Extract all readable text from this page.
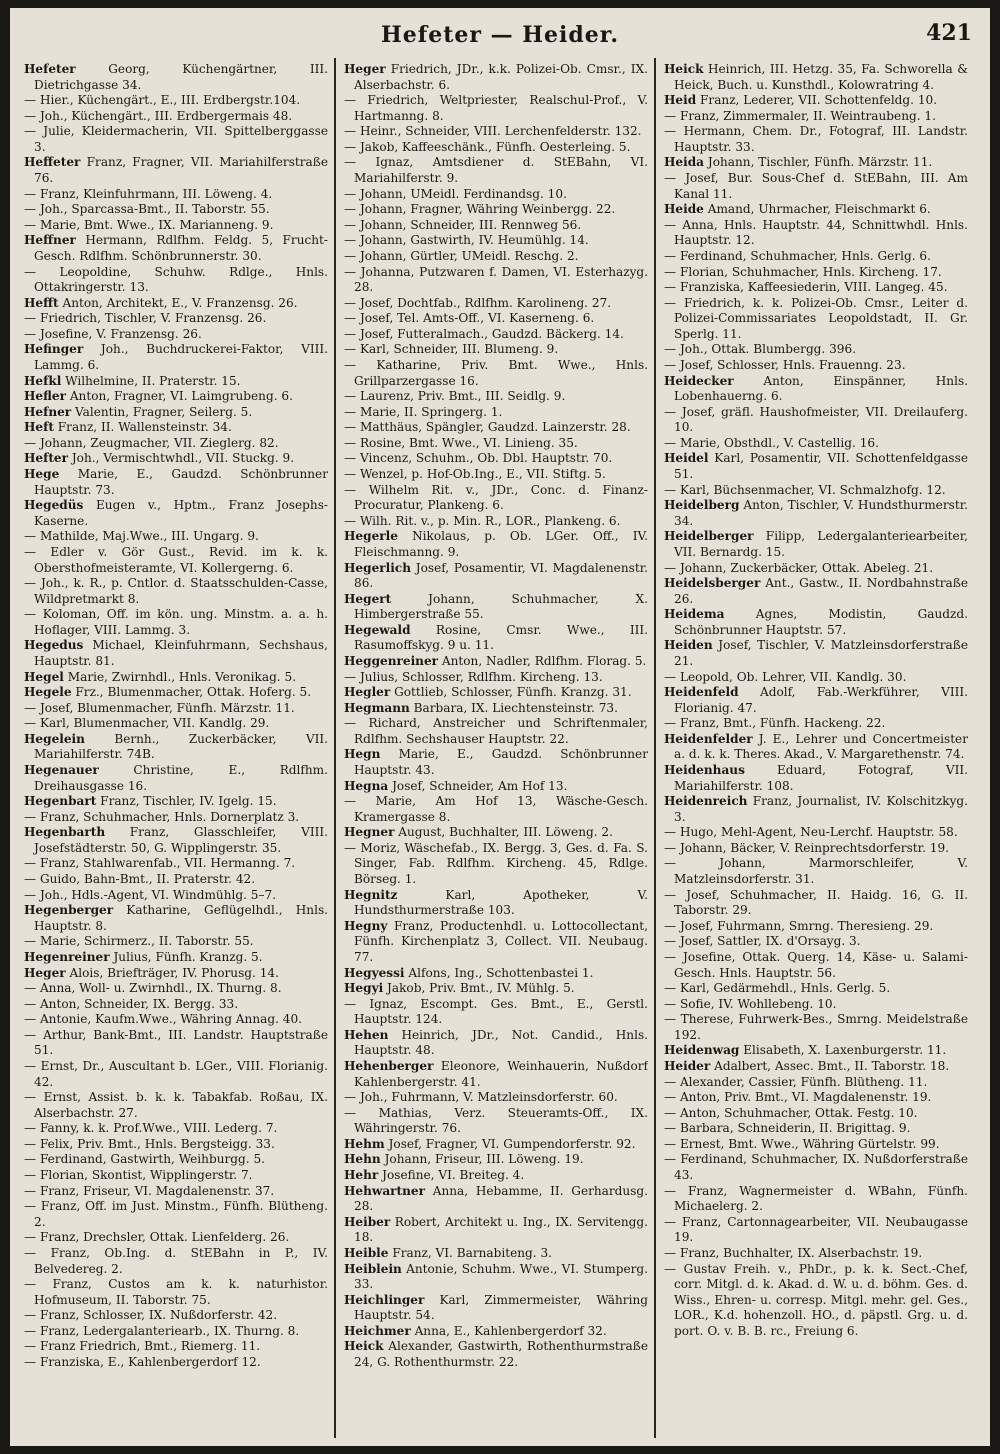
Hefeter — Heider.	421
Hefeter Georg, Küchengärtner, III. Dietrichgasse 34.
— Hier., Küchengärt., E., III. Erdbergstr.104.
— Joh., Küchengärt., III. Erdbergermais 48.
— Julie, Kleidermacherin, VII. Spittelberggasse 3.
Heffeter Franz, Fragner, VII. Mariahilferstraße 76.
— Franz, Kleinfuhrmann, III. Löweng. 4.
— Joh., Sparcassa-Bmt., II. Taborstr. 55.
— Marie, Bmt. Wwe., IX. Marianneng. 9.
Heffner Hermann, Rdlfhm. Feldg. 5, Frucht-Gesch. Rdlfhm. Schönbrunnerstr. 30.
— Leopoldine, Schuhw. Rdlge., Hnls. Ottakringerstr. 13.
Hefft Anton, Architekt, E., V. Franzensg. 26.
— Friedrich, Tischler, V. Franzensg. 26.
— Josefine, V. Franzensg. 26.
Hefinger Joh., Buchdruckerei-Faktor, VIII. Lammg. 6.
Hefkl Wilhelmine, II. Praterstr. 15.
Hefler Anton, Fragner, VI. Laimgrubeng. 6.
Hefner Valentin, Fragner, Seilerg. 5.
Heft Franz, II. Wallensteinstr. 34.
— Johann, Zeugmacher, VII. Zieglerg. 82.
Hefter Joh., Vermischtwhdl., VII. Stuckg. 9.
Hege Marie, E., Gaudzd. Schönbrunner Hauptstr. 73.
Hegedüs Eugen v., Hptm., Franz Josephs-Kaserne.
— Mathilde, Maj.Wwe., III. Ungarg. 9.
— Edler v. Gör Gust., Revid. im k. k. Obersthofmeisteramte, VI. Kollergerng. 6.
— Joh., k. R., p. Cntlor. d. Staatsschulden-Casse, Wildpretmarkt 8.
— Koloman, Off. im kön. ung. Minstm. a. a. h. Hoflager, VIII. Lammg. 3.
Hegedus Michael, Kleinfuhrmann, Sechshaus, Hauptstr. 81.
Hegel Marie, Zwirnhdl., Hnls. Veronikag. 5.
Hegele Frz., Blumenmacher, Ottak. Hoferg. 5.
— Josef, Blumenmacher, Fünfh. Märzstr. 11.
— Karl, Blumenmacher, VII. Kandlg. 29.
Hegelein Bernh., Zuckerbäcker, VII. Mariahilferstr. 74B.
Hegenauer Christine, E., Rdlfhm. Dreihausgasse 16.
Hegenbart Franz, Tischler, IV. Igelg. 15.
— Franz, Schuhmacher, Hnls. Dornerplatz 3.
Hegenbarth Franz, Glasschleifer, VIII. Josefstädterstr. 50, G. Wipplingerstr. 35.
— Franz, Stahlwarenfab., VII. Hermanng. 7.
— Guido, Bahn-Bmt., II. Praterstr. 42.
— Joh., Hdls.-Agent, VI. Windmühlg. 5–7.
Hegenberger Katharine, Geflügelhdl., Hnls. Hauptstr. 8.
— Marie, Schirmerz., II. Taborstr. 55.
Hegenreiner Julius, Fünfh. Kranzg. 5.
Heger Alois, Briefträger, IV. Phorusg. 14.
— Anna, Woll- u. Zwirnhdl., IX. Thurng. 8.
— Anton, Schneider, IX. Bergg. 33.
— Antonie, Kaufm.Wwe., Währing Annag. 40.
— Arthur, Bank-Bmt., III. Landstr. Hauptstraße 51.
— Ernst, Dr., Auscultant b. LGer., VIII. Florianig. 42.
— Ernst, Assist. b. k. k. Tabakfab. Roßau, IX. Alserbachstr. 27.
— Fanny, k. k. Prof.Wwe., VIII. Lederg. 7.
— Felix, Priv. Bmt., Hnls. Bergsteigg. 33.
— Ferdinand, Gastwirth, Weihburgg. 5.
— Florian, Skontist, Wipplingerstr. 7.
— Franz, Friseur, VI. Magdalenenstr. 37.
— Franz, Off. im Just. Minstm., Fünfh. Blütheng. 2.
— Franz, Drechsler, Ottak. Lienfelderg. 26.
— Franz, Ob.Ing. d. StEBahn in P., IV. Belvedereg. 2.
— Franz, Custos am k. k. naturhistor. Hofmuseum, II. Taborstr. 75.
— Franz, Schlosser, IX. Nußdorferstr. 42.
— Franz, Ledergalanteriearb., IX. Thurng. 8.
— Franz Friedrich, Bmt., Riemerg. 11.
— Franziska, E., Kahlenbergerdorf 12.
Heger Friedrich, JDr., k.k. Polizei-Ob. Cmsr., IX. Alserbachstr. 6.
— Friedrich, Weltpriester, Realschul-Prof., V. Hartmanng. 8.
— Heinr., Schneider, VIII. Lerchenfelderstr. 132.
— Jakob, Kaffeeschänk., Fünfh. Oesterleing. 5.
— Ignaz, Amtsdiener d. StEBahn, VI. Mariahilferstr. 9.
— Johann, UMeidl. Ferdinandsg. 10.
— Johann, Fragner, Währing Weinbergg. 22.
— Johann, Schneider, III. Rennweg 56.
— Johann, Gastwirth, IV. Heumühlg. 14.
— Johann, Gürtler, UMeidl. Reschg. 2.
— Johanna, Putzwaren f. Damen, VI. Esterhazyg. 28.
— Josef, Dochtfab., Rdlfhm. Karolineng. 27.
— Josef, Tel. Amts-Off., VI. Kaserneng. 6.
— Josef, Futteralmach., Gaudzd. Bäckerg. 14.
— Karl, Schneider, III. Blumeng. 9.
— Katharine, Priv. Bmt. Wwe., Hnls. Grillparzergasse 16.
— Laurenz, Priv. Bmt., III. Seidlg. 9.
— Marie, II. Springerg. 1.
— Matthäus, Spängler, Gaudzd. Lainzerstr. 28.
— Rosine, Bmt. Wwe., VI. Linieng. 35.
— Vincenz, Schuhm., Ob. Dbl. Hauptstr. 70.
— Wenzel, p. Hof-Ob.Ing., E., VII. Stiftg. 5.
— Wilhelm Rit. v., JDr., Conc. d. Finanz-Procuratur, Plankeng. 6.
— Wilh. Rit. v., p. Min. R., LOR., Plankeng. 6.
Hegerle Nikolaus, p. Ob. LGer. Off., IV. Fleischmanng. 9.
Hegerlich Josef, Posamentir, VI. Magdalenenstr. 86.
Hegert Johann, Schuhmacher, X. Himbergerstraße 55.
Hegewald Rosine, Cmsr. Wwe., III. Rasumoffskyg. 9 u. 11.
Heggenreiner Anton, Nadler, Rdlfhm. Florag. 5.
— Julius, Schlosser, Rdlfhm. Kircheng. 13.
Hegler Gottlieb, Schlosser, Fünfh. Kranzg. 31.
Hegmann Barbara, IX. Liechtensteinstr. 73.
— Richard, Anstreicher und Schriftenmaler, Rdlfhm. Sechshauser Hauptstr. 22.
Hegn Marie, E., Gaudzd. Schönbrunner Hauptstr. 43.
Hegna Josef, Schneider, Am Hof 13.
— Marie, Am Hof 13, Wäsche-Gesch. Kramergasse 8.
Hegner August, Buchhalter, III. Löweng. 2.
— Moriz, Wäschefab., IX. Bergg. 3, Ges. d. Fa. S. Singer, Fab. Rdlfhm. Kircheng. 45, Rdlge. Börseg. 1.
Hegnitz Karl, Apotheker, V. Hundsthurmerstraße 103.
Hegny Franz, Productenhdl. u. Lottocollectant, Fünfh. Kirchenplatz 3, Collect. VII. Neubaug. 77.
Hegyessi Alfons, Ing., Schottenbastei 1.
Hegyi Jakob, Priv. Bmt., IV. Mühlg. 5.
— Ignaz, Escompt. Ges. Bmt., E., Gerstl. Hauptstr. 124.
Hehen Heinrich, JDr., Not. Candid., Hnls. Hauptstr. 48.
Hehenberger Eleonore, Weinhauerin, Nußdorf Kahlenbergerstr. 41.
— Joh., Fuhrmann, V. Matzleinsdorferstr. 60.
— Mathias, Verz. Steueramts-Off., IX. Währingerstr. 76.
Hehm Josef, Fragner, VI. Gumpendorferstr. 92.
Hehn Johann, Friseur, III. Löweng. 19.
Hehr Josefine, VI. Breiteg. 4.
Hehwartner Anna, Hebamme, II. Gerhardusg. 28.
Heiber Robert, Architekt u. Ing., IX. Servitengg. 18.
Heible Franz, VI. Barnabiteng. 3.
Heiblein Antonie, Schuhm. Wwe., VI. Stumperg. 33.
Heichlinger Karl, Zimmermeister, Währing Hauptstr. 54.
Heichmer Anna, E., Kahlenbergerdorf 32.
Heick Alexander, Gastwirth, Rothenthurmstraße 24, G. Rothenthurmstr. 22.
Heick Heinrich, III. Hetzg. 35, Fa. Schworella & Heick, Buch. u. Kunsthdl., Kolowratring 4.
Heid Franz, Lederer, VII. Schottenfeldg. 10.
— Franz, Zimmermaler, II. Weintraubeng. 1.
— Hermann, Chem. Dr., Fotograf, III. Landstr. Hauptstr. 33.
Heida Johann, Tischler, Fünfh. Märzstr. 11.
— Josef, Bur. Sous-Chef d. StEBahn, III. Am Kanal 11.
Heide Amand, Uhrmacher, Fleischmarkt 6.
— Anna, Hnls. Hauptstr. 44, Schnittwhdl. Hnls. Hauptstr. 12.
— Ferdinand, Schuhmacher, Hnls. Gerlg. 6.
— Florian, Schuhmacher, Hnls. Kircheng. 17.
— Franziska, Kaffeesiederin, VIII. Langeg. 45.
— Friedrich, k. k. Polizei-Ob. Cmsr., Leiter d. Polizei-Commissariates Leopoldstadt, II. Gr. Sperlg. 11.
— Joh., Ottak. Blumbergg. 396.
— Josef, Schlosser, Hnls. Frauenng. 23.
Heidecker Anton, Einspänner, Hnls. Lobenhauerng. 6.
— Josef, gräfl. Haushofmeister, VII. Dreilauferg. 10.
— Marie, Obsthdl., V. Castellig. 16.
Heidel Karl, Posamentir, VII. Schottenfeldgasse 51.
— Karl, Büchsenmacher, VI. Schmalzhofg. 12.
Heidelberg Anton, Tischler, V. Hundsthurmerstr. 34.
Heidelberger Filipp, Ledergalanteriearbeiter, VII. Bernardg. 15.
— Johann, Zuckerbäcker, Ottak. Abeleg. 21.
Heidelsberger Ant., Gastw., II. Nordbahnstraße 26.
Heidema Agnes, Modistin, Gaudzd. Schönbrunner Hauptstr. 57.
Heiden Josef, Tischler, V. Matzleinsdorferstraße 21.
— Leopold, Ob. Lehrer, VII. Kandlg. 30.
Heidenfeld Adolf, Fab.-Werkführer, VIII. Florianig. 47.
— Franz, Bmt., Fünfh. Hackeng. 22.
Heidenfelder J. E., Lehrer und Concertmeister a. d. k. k. Theres. Akad., V. Margarethenstr. 74.
Heidenhaus Eduard, Fotograf, VII. Mariahilferstr. 108.
Heidenreich Franz, Journalist, IV. Kolschitzkyg. 3.
— Hugo, Mehl-Agent, Neu-Lerchf. Hauptstr. 58.
— Johann, Bäcker, V. Reinprechtsdorferstr. 19.
— Johann, Marmorschleifer, V. Matzleinsdorferstr. 31.
— Josef, Schuhmacher, II. Haidg. 16, G. II. Taborstr. 29.
— Josef, Fuhrmann, Smrng. Theresieng. 29.
— Josef, Sattler, IX. d'Orsayg. 3.
— Josefine, Ottak. Querg. 14, Käse- u. Salami-Gesch. Hnls. Hauptstr. 56.
— Karl, Gedärmehdl., Hnls. Gerlg. 5.
— Sofie, IV. Wohllebeng. 10.
— Therese, Fuhrwerk-Bes., Smrng. Meidelstraße 192.
Heidenwag Elisabeth, X. Laxenburgerstr. 11.
Heider Adalbert, Assec. Bmt., II. Taborstr. 18.
— Alexander, Cassier, Fünfh. Blütheng. 11.
— Anton, Priv. Bmt., VI. Magdalenenstr. 19.
— Anton, Schuhmacher, Ottak. Festg. 10.
— Barbara, Schneiderin, II. Brigittag. 9.
— Ernest, Bmt. Wwe., Währing Gürtelstr. 99.
— Ferdinand, Schuhmacher, IX. Nußdorferstraße 43.
— Franz, Wagnermeister d. WBahn, Fünfh. Michaelerg. 2.
— Franz, Cartonnagearbeiter, VII. Neubaugasse 19.
— Franz, Buchhalter, IX. Alserbachstr. 19.
— Gustav Freih. v., PhDr., p. k. k. Sect.-Chef, corr. Mitgl. d. k. Akad. d. W. u. d. böhm. Ges. d. Wiss., Ehren- u. corresp. Mitgl. mehr. gel. Ges., LOR., K.d. hohenzoll. HO., d. päpstl. Grg. u. d. port. O. v. B. B. rc., Freiung 6.
